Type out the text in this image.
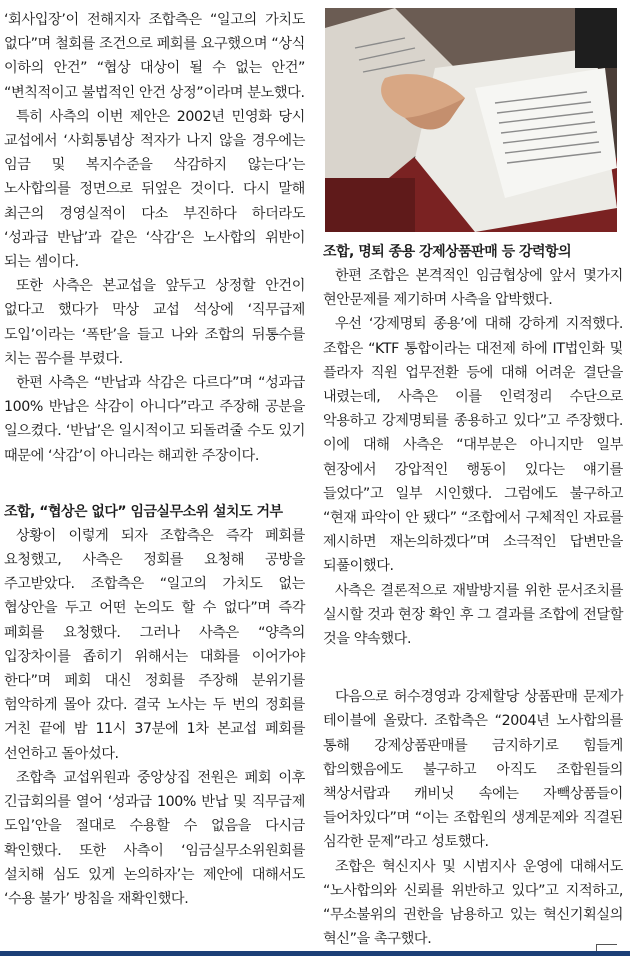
‘회사입장’이 전해지자 조합측은 “일고의 가치도 없다”며 철회를 조건으로 페회를 요구했으며 “상식 이하의 안건” “협상 대상이 될 수 없는 안건” “변칙적이고 불법적인 안건 상정”이라며 분노했다.

특히 사측의 이번 제안은 2002년 민영화 당시 교섭에서 ‘사회통념상 적자가 나지 않을 경우에는 임금 및 복지수준을 삭감하지 않는다’는 노사합의를 정면으로 뒤엎은 것이다. 다시 말해 최근의 경영실적이 다소 부진하다 하더라도 ‘성과급 반납’과 같은 ‘삭감’은 노사합의 위반이 되는 셈이다.

또한 사측은 본교섭을 앞두고 상정할 안건이 없다고 했다가 막상 교섭 석상에 ‘직무급제 도입’이라는 ‘폭탄’을 들고 나와 조합의 뒤통수를 치는 꼼수를 부렸다.

한편 사측은 “반납과 삭감은 다르다”며 “성과급 100% 반납은 삭감이 아니다”라고 주장해 공분을 일으켰다. ‘반납’은 일시적이고 되돌려줄 수도 있기 때문에 ‘삭감’이 아니라는 해괴한 주장이다.

조합, “협상은 없다” 임금실무소위 설치도 거부

상황이 이렇게 되자 조합측은 즉각 페회를 요청했고, 사측은 정회를 요청해 공방을 주고받았다. 조합측은 “일고의 가치도 없는 협상안을 두고 어떤 논의도 할 수 없다”며 즉각 페회를 요청했다. 그러나 사측은 “양측의 입장차이를 좁히기 위해서는 대화를 이어가야 한다”며 페회 대신 정회를 주장해 분위기를 험악하게 몰아 갔다. 결국 노사는 두 번의 정회를 거친 끝에 밤 11시 37분에 1차 본교섭 페회를 선언하고 돌아섰다.

조합측 교섭위원과 중앙상집 전원은 페회 이후 긴급회의를 열어 ‘성과급 100% 반납 및 직무급제 도입’안을 절대로 수용할 수 없음을 다시금 확인했다. 또한 사측이 ‘임금실무소위원회를 설치해 심도 있게 논의하자’는 제안에 대해서도 ‘수용 불가’ 방침을 재확인했다.

조합, 명퇴 종용 강제상품판매 등 강력항의

한편 조합은 본격적인 임금협상에 앞서 몇가지 현안문제를 제기하며 사측을 압박했다.

우선 ‘강제명퇴 종용’에 대해 강하게 지적했다. 조합은 “KTF 통합이라는 대전제 하에 IT법인화 및 플라자 직원 업무전환 등에 대해 어려운 결단을 내렸는데, 사측은 이를 인력정리 수단으로 악용하고 강제명퇴를 종용하고 있다”고 주장했다. 이에 대해 사측은 “대부분은 아니지만 일부 현장에서 강압적인 행동이 있다는 얘기를 들었다”고 일부 시인했다. 그럼에도 불구하고 “현재 파악이 안 됐다” “조합에서 구체적인 자료를 제시하면 재논의하겠다”며 소극적인 답변만을 되풀이했다.

사측은 결론적으로 재발방지를 위한 문서조치를 실시할 것과 현장 확인 후 그 결과를 조합에 전달할 것을 약속했다.

다음으로 허수경영과 강제할당 상품판매 문제가 테이블에 올랐다. 조합측은 “2004년 노사합의를 통해 강제상품판매를 금지하기로 힘들게 합의했음에도 불구하고 아직도 조합원들의 책상서랍과 캐비닛 속에는 자빽상품들이 들어차있다”며 “이는 조합원의 생계문제와 직결된 심각한 문제”라고 성토했다.

조합은 혁신지사 및 시범지사 운영에 대해서도 “노사합의와 신뢰를 위반하고 있다”고 지적하고, “무소불위의 권한을 남용하고 있는 혁신기획실의 혁신”을 촉구했다.
